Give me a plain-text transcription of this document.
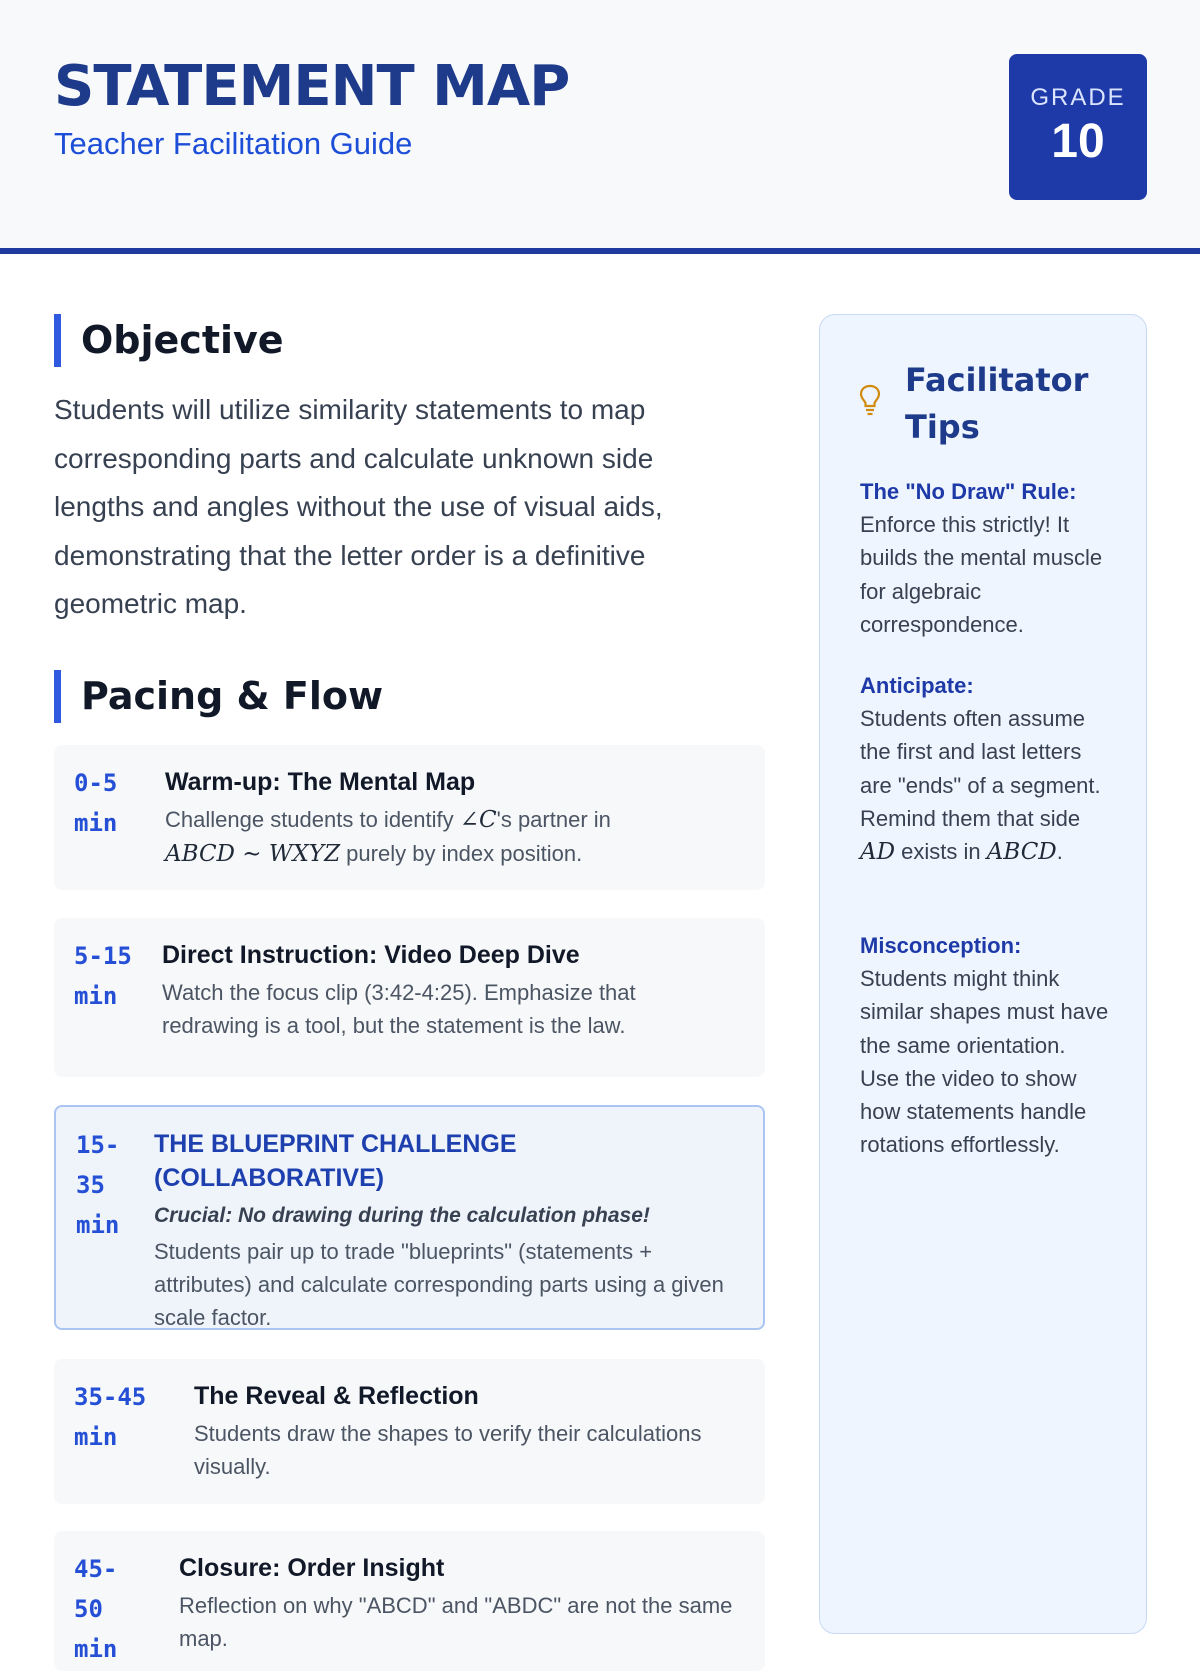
STATEMENT MAP
Teacher Facilitation Guide
GRADE
10
Objective
Students will utilize similarity statements to map corresponding parts and calculate unknown side lengths and angles without the use of visual aids, demonstrating that the letter order is a definitive geometric map.
Pacing & Flow
0-5 min
Warm-up: The Mental Map
Challenge students to identify ∠C's partner in
ABCD ∼ WXYZ purely by index position.
5-15 min
Direct Instruction: Video Deep Dive
Watch the focus clip (3:42-4:25). Emphasize that redrawing is a tool, but the statement is the law.
15-35 min
THE BLUEPRINT CHALLENGE (COLLABORATIVE)
Crucial: No drawing during the calculation phase!
Students pair up to trade "blueprints" (statements + attributes) and calculate corresponding parts using a given scale factor.
35-45 min
The Reveal & Reflection
Students draw the shapes to verify their calculations visually.
45-50 min
Closure: Order Insight
Reflection on why "ABCD" and "ABDC" are not the same map.
Facilitator
Tips
The "No Draw" Rule:
Enforce this strictly! It builds the mental muscle for algebraic correspondence.
Anticipate:
Students often assume the first and last letters are "ends" of a segment. Remind them that side AD exists in ABCD.
Misconception:
Students might think similar shapes must have the same orientation. Use the video to show how statements handle rotations effortlessly.
